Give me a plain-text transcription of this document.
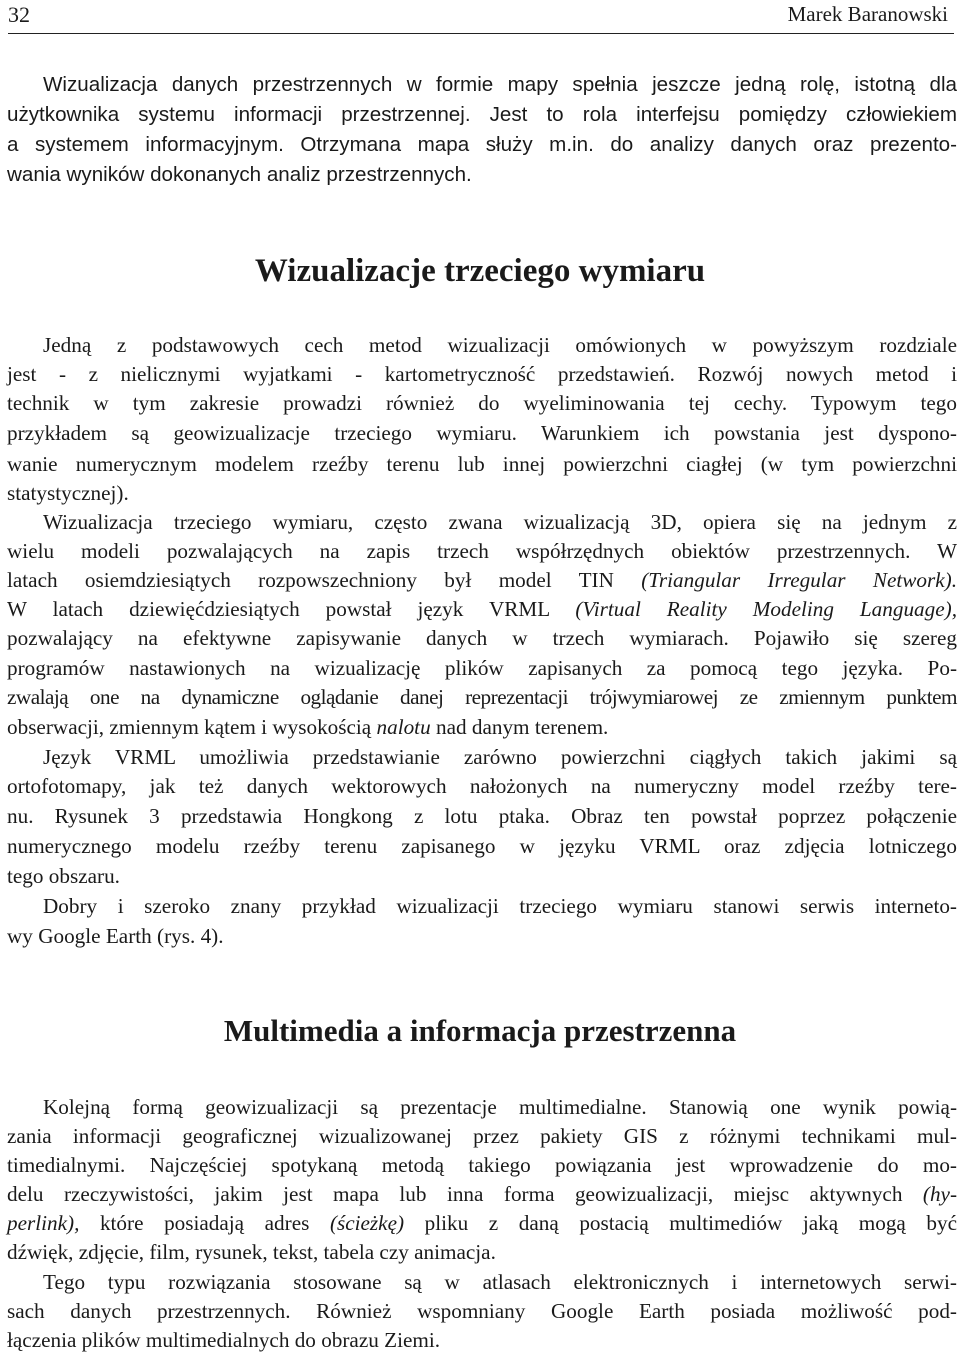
32	Marek Baranowski
Wizualizacja danych przestrzennych w formie mapy spełnia jeszcze jedną rolę, istotną dla
użytkownika systemu informacji przestrzennej. Jest to rola interfejsu pomiędzy człowiekiem
a systemem informacyjnym. Otrzymana mapa służy m.in. do analizy danych oraz prezento-
wania wyników dokonanych analiz przestrzennych.
Wizualizacje trzeciego wymiaru
Jedną z podstawowych cech metod wizualizacji omówionych w powyższym rozdziale
jest - z nielicznymi wyjatkami - kartometryczność przedstawień. Rozwój nowych metod i
technik w tym zakresie prowadzi również do wyeliminowania tej cechy. Typowym tego
przykładem są geowizualizacje trzeciego wymiaru. Warunkiem ich powstania jest dyspono-
wanie numerycznym modelem rzeźby terenu lub innej powierzchni ciagłej (w tym powierzchni
statystycznej).
Wizualizacja trzeciego wymiaru, często zwana wizualizacją 3D, opiera się na jednym z
wielu modeli pozwalających na zapis trzech współrzędnych obiektów przestrzennych. W
latach osiemdziesiątych rozpowszechniony był model TIN (Triangular Irregular Network).
W latach dziewięćdziesiątych powstał język VRML (Virtual Reality Modeling Language),
pozwalający na efektywne zapisywanie danych w trzech wymiarach. Pojawiło się szereg
programów nastawionych na wizualizację plików zapisanych za pomocą tego języka. Po-
zwalają one na dynamiczne oglądanie danej reprezentacji trójwymiarowej ze zmiennym punktem
obserwacji, zmiennym kątem i wysokością nalotu nad danym terenem.
Język VRML umożliwia przedstawianie zarówno powierzchni ciągłych takich jakimi są
ortofotomapy, jak też danych wektorowych nałożonych na numeryczny model rzeźby tere-
nu. Rysunek 3 przedstawia Hongkong z lotu ptaka. Obraz ten powstał poprzez połączenie
numerycznego modelu rzeźby terenu zapisanego w języku VRML oraz zdjęcia lotniczego
tego obszaru.
Dobry i szeroko znany przykład wizualizacji trzeciego wymiaru stanowi serwis interneto-
wy Google Earth (rys. 4).
Multimedia a informacja przestrzenna
Kolejną formą geowizualizacji są prezentacje multimedialne. Stanowią one wynik powią-
zania informacji geograficznej wizualizowanej przez pakiety GIS z różnymi technikami mul-
timedialnymi. Najczęściej spotykaną metodą takiego powiązania jest wprowadzenie do mo-
delu rzeczywistości, jakim jest mapa lub inna forma geowizualizacji, miejsc aktywnych (hy-
perlink), które posiadają adres (ścieżkę) pliku z daną postacią multimediów jaką mogą być
dźwięk, zdjęcie, film, rysunek, tekst, tabela czy animacja.
Tego typu rozwiązania stosowane są w atlasach elektronicznych i internetowych serwi-
sach danych przestrzennych. Również wspomniany Google Earth posiada możliwość pod-
łączenia plików multimedialnych do obrazu Ziemi.
